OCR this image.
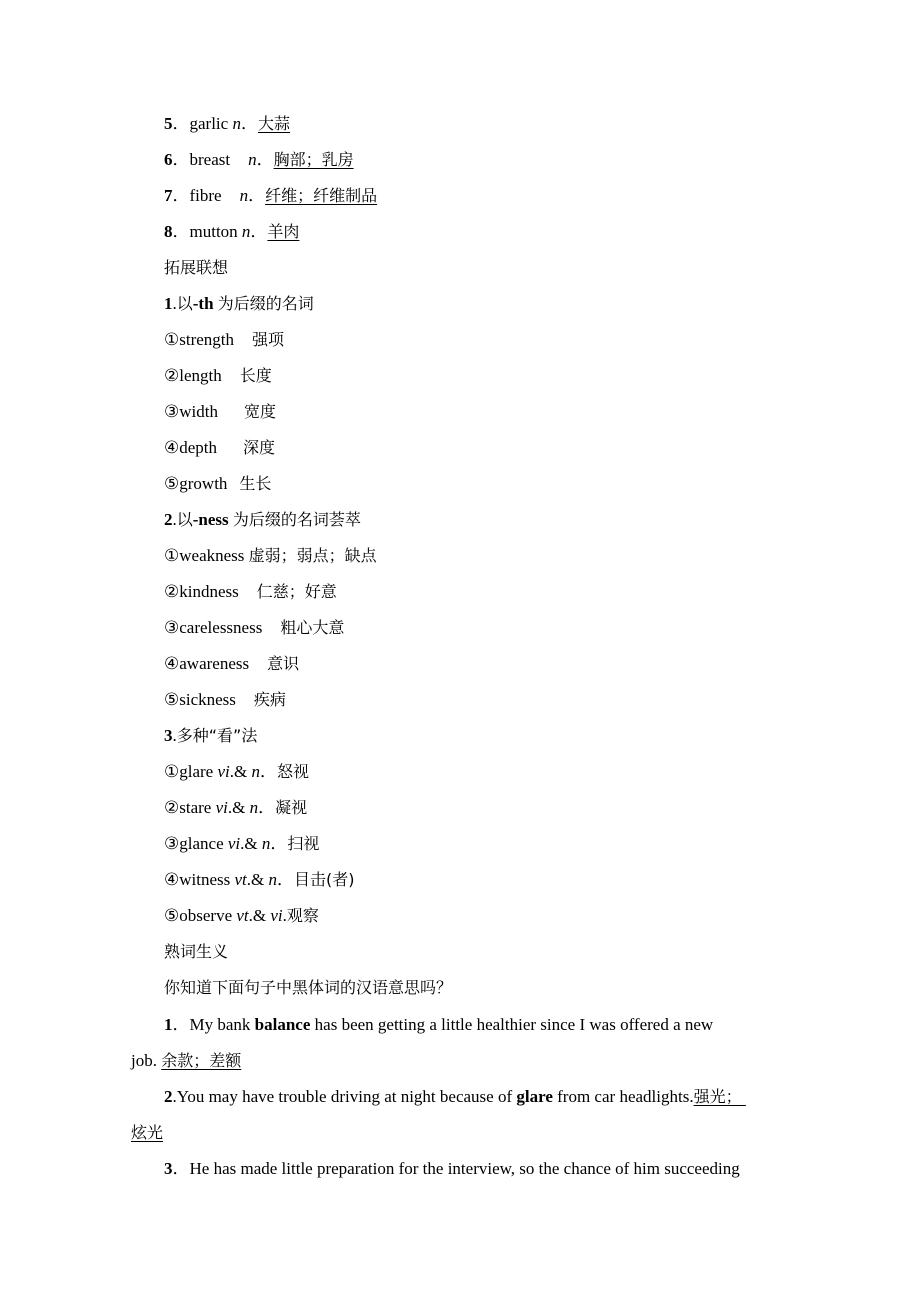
5．garlic n．大蒜
6．breast n．胸部；乳房
7．fibre n．纤维；纤维制品
8．mutton n．羊肉
拓展联想
1.以-th 为后缀的名词
①strength 强项
②length 长度
③width 宽度
④depth 深度
⑤growth 生长
2.以-ness 为后缀的名词荟萃
①weakness 虚弱；弱点；缺点
②kindness 仁慈；好意
③carelessness 粗心大意
④awareness 意识
⑤sickness 疾病
3.多种“看”法
①glare vi.& n．怒视
②stare vi.& n．凝视
③glance vi.& n．扫视
④witness vt.& n．目击(者)
⑤observe vt.& vi.观察
熟词生义
你知道下面句子中黑体词的汉语意思吗？
1．My bank balance has been getting a little healthier since I was offered a new
job. 余款；差额
2.You may have trouble driving at night because of glare from car headlights.强光；
炫光
3．He has made little preparation for the interview, so the chance of him succeeding
